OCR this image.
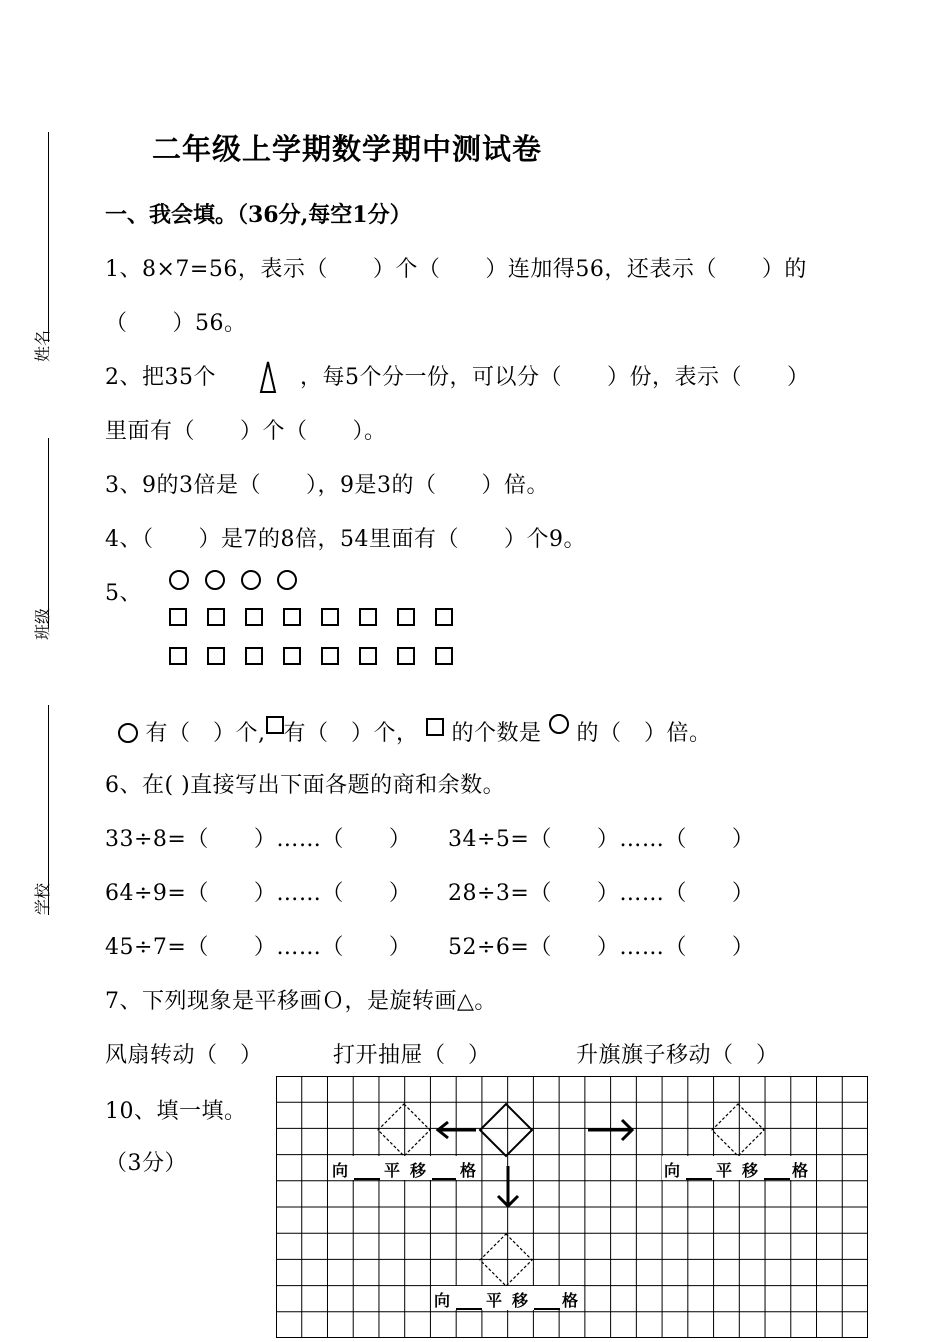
姓名
班级
学校
二年级上学期数学期中测试卷
一、我会填。（36分,每空1分）
1、8×7=56，表示（　　）个（　　）连加得56，还表示（　　）的
（　　）56。
2、把35个	，每5个分一份，可以分（　　）份，表示（　　）
里面有（　　）个（　　）。
3、9的3倍是（　　），9是3的（　　）倍。
4、（　　）是7的8倍，54里面有（　　）个9。
5、
有（　）个, 有（　）个， 的个数是 的（　）倍。
6、在( )直接写出下面各题的商和余数。
33÷8=（　　）……（　　） 34÷5=（　　）……（　　）
64÷9=（　　）……（　　） 28÷3=（　　）……（　　）
45÷7=（　　）……（　　） 52÷6=（　　）……（　　）
7、下列现象是平移画Ｏ，是旋转画△。
风扇转动（　）	打开抽屉（　）	升旗旗子移动（　）
10、填一填。
（3分）	向 平 移 格	向 平 移 格
向 平 移 格
